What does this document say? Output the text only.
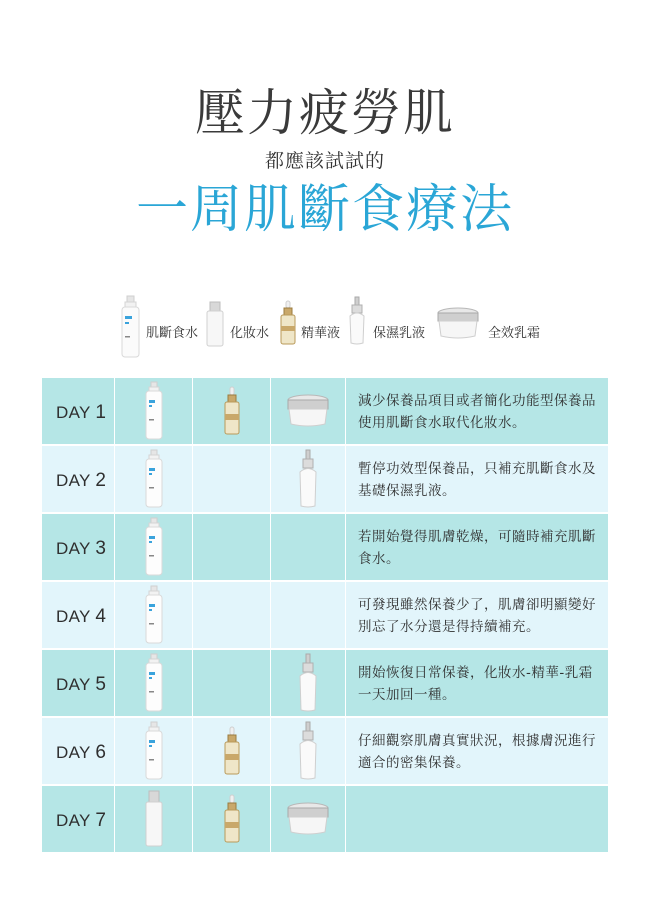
壓力疲勞肌
都應該試試的
一周肌斷食療法
肌斷食水 化妝水 精華液	保濕乳液	全效乳霜
DAY 1
減少保養品項目或者簡化功能型保養品使用肌斷食水取代化妝水。
DAY 2
暫停功效型保養品，只補充肌斷食水及基礎保濕乳液。
DAY 3
若開始覺得肌膚乾燥，可隨時補充肌斷食水。
DAY 4
可發現雖然保養少了，肌膚卻明顯變好別忘了水分還是得持續補充。
DAY 5
開始恢復日常保養，化妝水-精華-乳霜一天加回一種。
DAY 6
仔細觀察肌膚真實狀況，根據膚況進行適合的密集保養。
DAY 7
